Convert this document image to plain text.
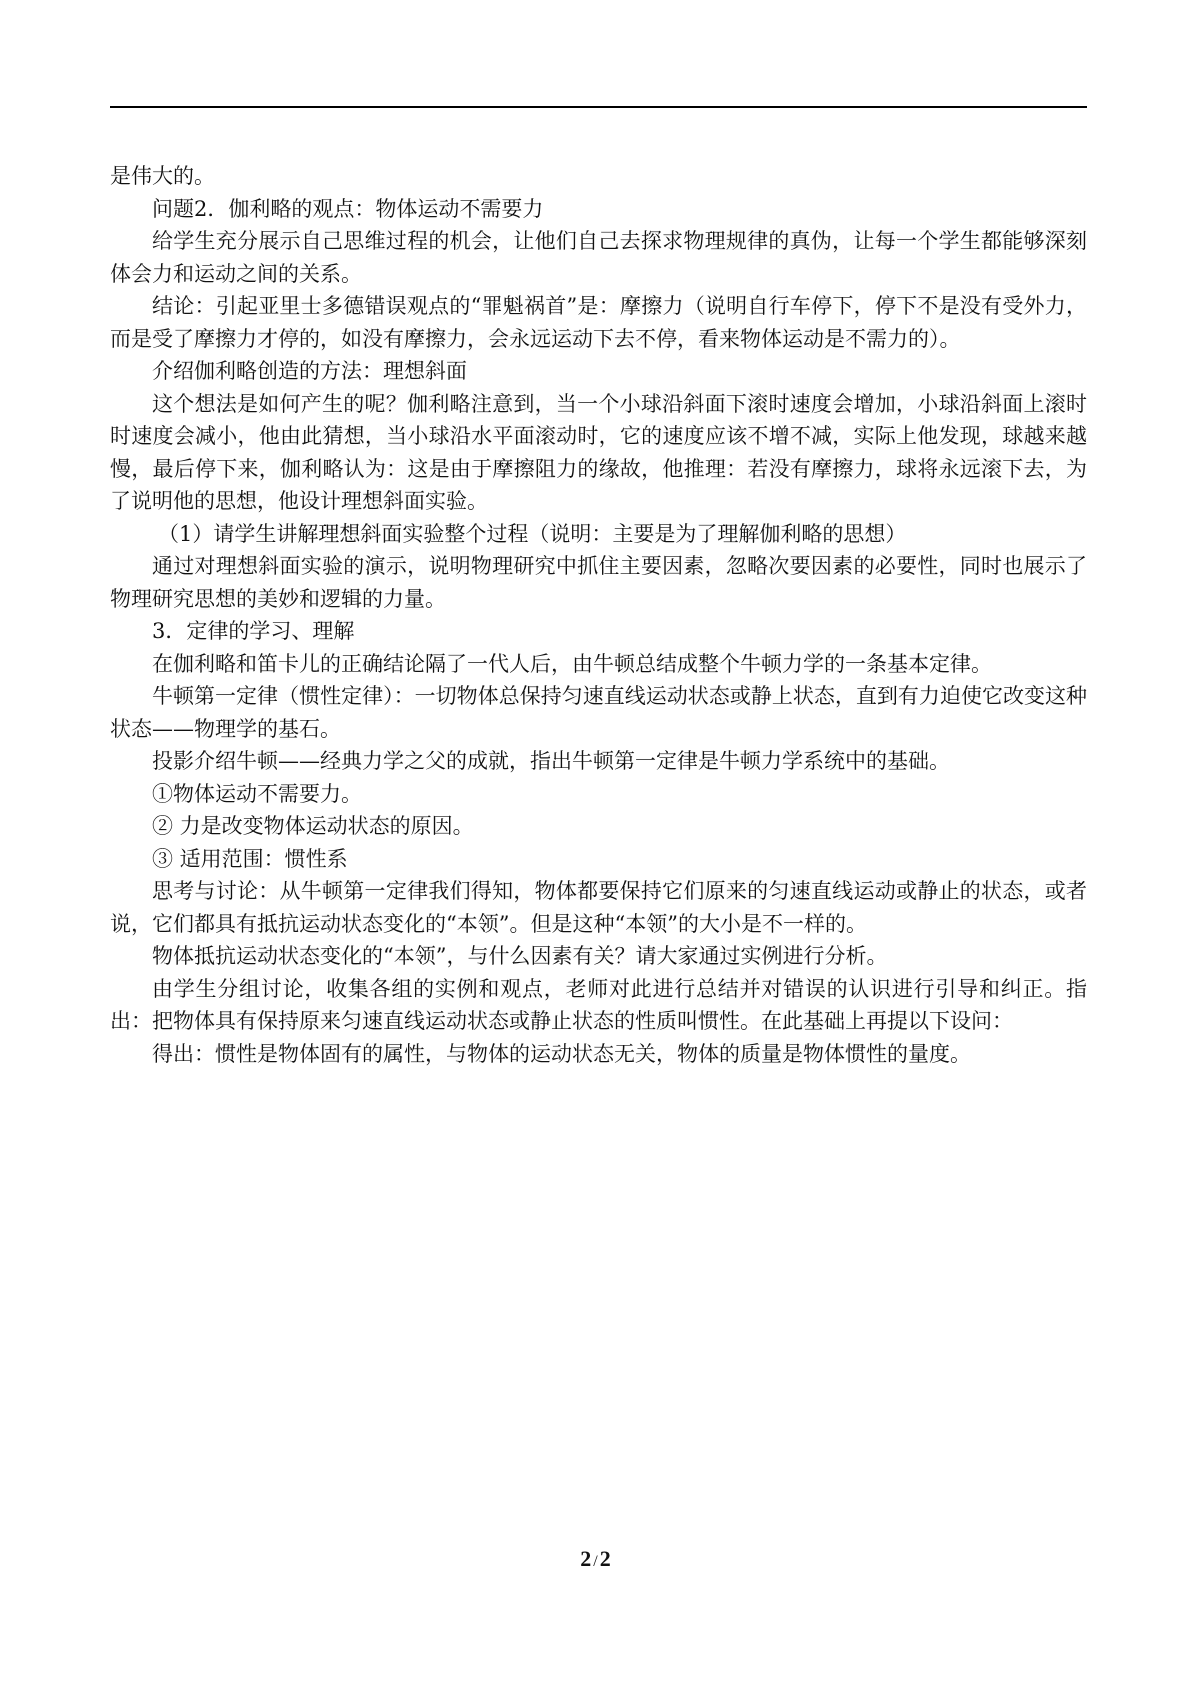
是伟大的。

问题2．伽利略的观点：物体运动不需要力

给学生充分展示自己思维过程的机会，让他们自己去探求物理规律的真伪，让每一个学生都能够深刻体会力和运动之间的关系。

结论：引起亚里士多德错误观点的“罪魁祸首”是：摩擦力（说明自行车停下，停下不是没有受外力，而是受了摩擦力才停的，如没有摩擦力，会永远运动下去不停，看来物体运动是不需力的）。

介绍伽利略创造的方法：理想斜面

这个想法是如何产生的呢？伽利略注意到，当一个小球沿斜面下滚时速度会增加，小球沿斜面上滚时时速度会减小，他由此猜想，当小球沿水平面滚动时，它的速度应该不增不减，实际上他发现，球越来越慢，最后停下来，伽利略认为：这是由于摩擦阻力的缘故，他推理：若没有摩擦力，球将永远滚下去，为了说明他的思想，他设计理想斜面实验。

（1）请学生讲解理想斜面实验整个过程（说明：主要是为了理解伽利略的思想）

通过对理想斜面实验的演示，说明物理研究中抓住主要因素，忽略次要因素的必要性，同时也展示了物理研究思想的美妙和逻辑的力量。

3．定律的学习、理解

在伽利略和笛卡儿的正确结论隔了一代人后，由牛顿总结成整个牛顿力学的一条基本定律。

牛顿第一定律（惯性定律）：一切物体总保持匀速直线运动状态或静上状态，直到有力迫使它改变这种状态——物理学的基石。

投影介绍牛顿——经典力学之父的成就，指出牛顿第一定律是牛顿力学系统中的基础。

①物体运动不需要力。

② 力是改变物体运动状态的原因。

③ 适用范围：惯性系

思考与讨论：从牛顿第一定律我们得知，物体都要保持它们原来的匀速直线运动或静止的状态，或者说，它们都具有抵抗运动状态变化的“本领”。但是这种“本领”的大小是不一样的。

物体抵抗运动状态变化的“本领”，与什么因素有关？请大家通过实例进行分析。

由学生分组讨论，收集各组的实例和观点，老师对此进行总结并对错误的认识进行引导和纠正。指出：把物体具有保持原来匀速直线运动状态或静止状态的性质叫惯性。在此基础上再提以下设问：

得出：惯性是物体固有的属性，与物体的运动状态无关，物体的质量是物体惯性的量度。

2 /2
